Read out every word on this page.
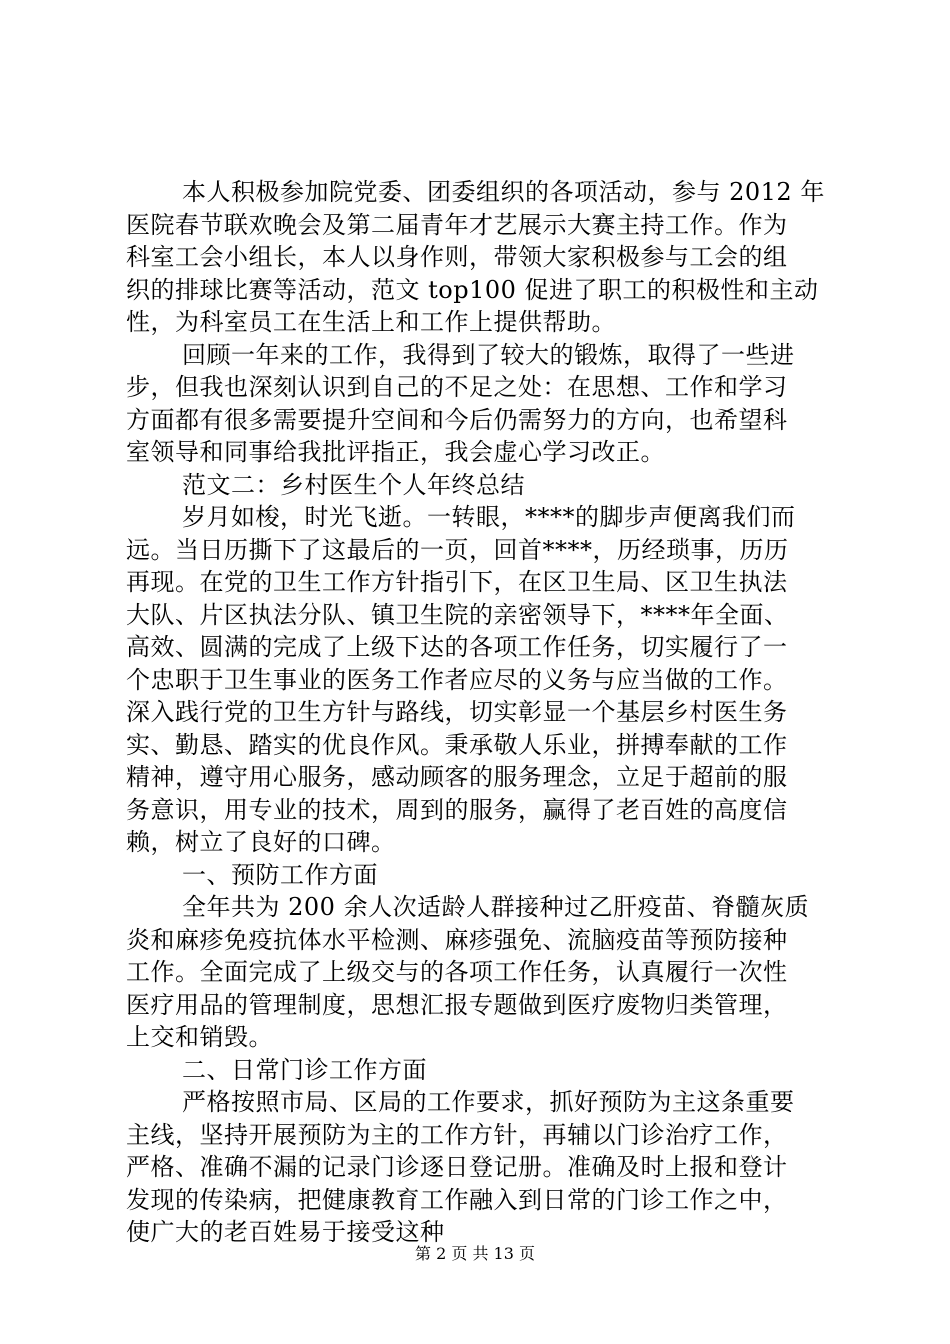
本人积极参加院党委、团委组织的各项活动，参与 2012 年
医院春节联欢晚会及第二届青年才艺展示大赛主持工作。作为
科室工会小组长，本人以身作则，带领大家积极参与工会的组
织的排球比赛等活动，范文 top100 促进了职工的积极性和主动
性，为科室员工在生活上和工作上提供帮助。
回顾一年来的工作，我得到了较大的锻炼，取得了一些进
步，但我也深刻认识到自己的不足之处：在思想、工作和学习
方面都有很多需要提升空间和今后仍需努力的方向，也希望科
室领导和同事给我批评指正，我会虚心学习改正。
范文二：乡村医生个人年终总结
岁月如梭，时光飞逝。一转眼，****的脚步声便离我们而
远。当日历撕下了这最后的一页，回首****，历经琐事，历历
再现。在党的卫生工作方针指引下，在区卫生局、区卫生执法
大队、片区执法分队、镇卫生院的亲密领导下，****年全面、
高效、圆满的完成了上级下达的各项工作任务，切实履行了一
个忠职于卫生事业的医务工作者应尽的义务与应当做的工作。
深入践行党的卫生方针与路线，切实彰显一个基层乡村医生务
实、勤恳、踏实的优良作风。秉承敬人乐业，拼搏奉献的工作
精神，遵守用心服务，感动顾客的服务理念，立足于超前的服
务意识，用专业的技术，周到的服务，赢得了老百姓的高度信
赖，树立了良好的口碑。
一、预防工作方面
全年共为 200 余人次适龄人群接种过乙肝疫苗、脊髓灰质
炎和麻疹免疫抗体水平检测、麻疹强免、流脑疫苗等预防接种
工作。全面完成了上级交与的各项工作任务，认真履行一次性
医疗用品的管理制度，思想汇报专题做到医疗废物归类管理，
上交和销毁。
二、日常门诊工作方面
严格按照市局、区局的工作要求，抓好预防为主这条重要
主线，坚持开展预防为主的工作方针，再辅以门诊治疗工作，
严格、准确不漏的记录门诊逐日登记册。准确及时上报和登计
发现的传染病，把健康教育工作融入到日常的门诊工作之中，
使广大的老百姓易于接受这种
第 2 页 共 13 页
